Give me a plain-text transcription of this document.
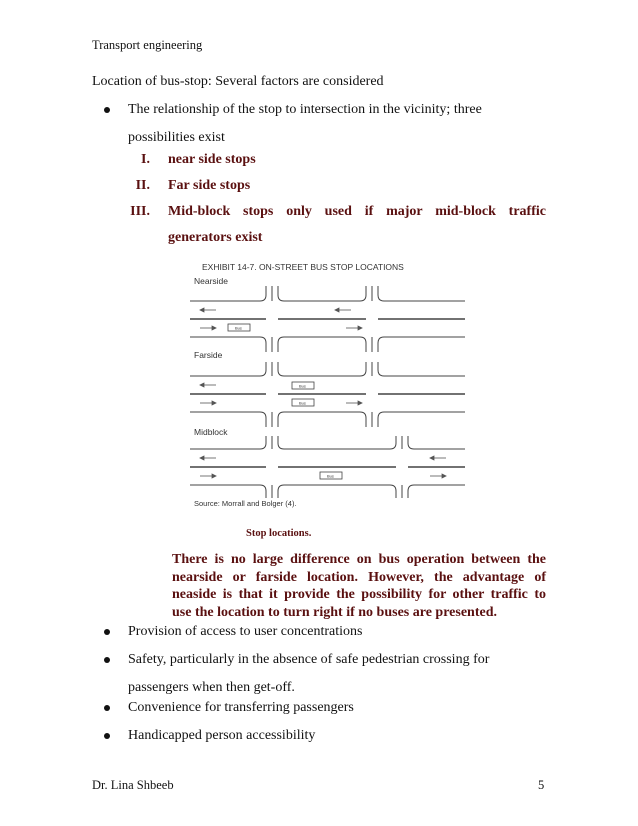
Transport engineering
Location of bus-stop: Several factors are considered
The relationship of the stop to intersection in the vicinity; three
possibilities exist
I. near side stops
II. Far side stops
III. Mid-block stops only used if major mid-block traffic
generators exist
EXHIBIT 14-7. ON-STREET BUS STOP LOCATIONS
Nearside
Bus
Farside
Bus
Bus
Midblock
Bus
Source: Morrall and Bolger (4).
Stop locations.

There is no large difference on bus operation between the

nearside or farside location. However, the advantage of

neaside is that it provide the possibility for other traffic to

use the location to turn right if no buses are presented.

Provision of access to user concentrations
Safety, particularly in the absence of safe pedestrian crossing for
passengers when then get-off.
Convenience for transferring passengers
Handicapped person accessibility
Dr. Lina Shbeeb	5
